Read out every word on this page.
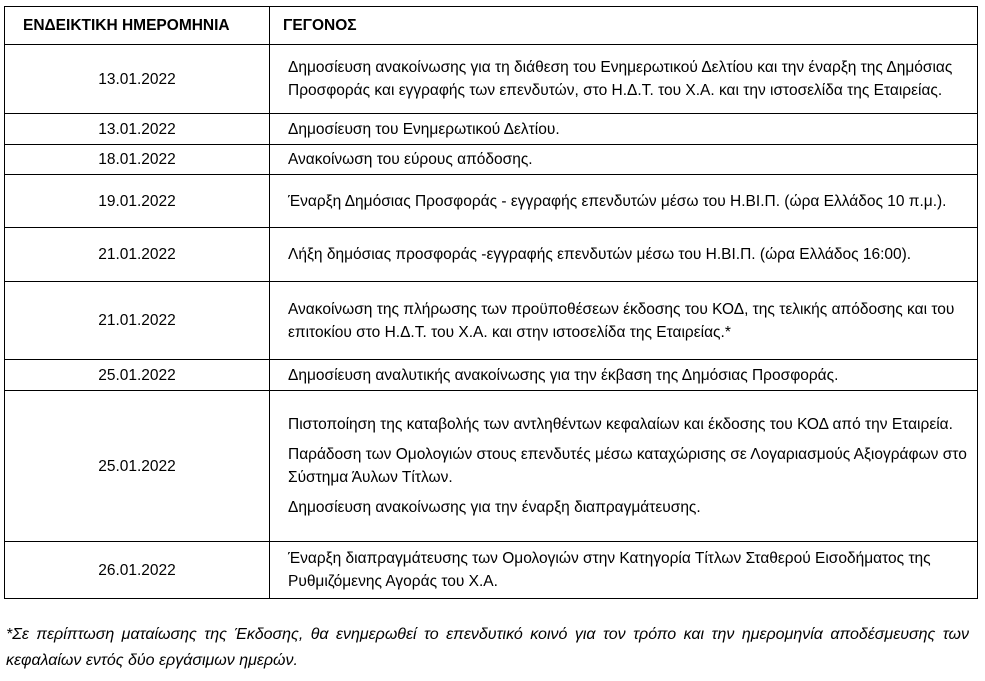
ΕΝΔΕΙΚΤΙΚΗ ΗΜΕΡΟΜΗΝΙΑ	ΓΕΓΟΝΟΣ
13.01.2022	Δημοσίευση ανακοίνωσης για τη διάθεση του Ενημερωτικού Δελτίου και την έναρξη της Δημόσιας Προσφοράς και εγγραφής των επενδυτών, στο Η.Δ.Τ. του Χ.Α. και την ιστοσελίδα της Εταιρείας.

13.01.2022	Δημοσίευση του Ενημερωτικού Δελτίου.

18.01.2022	Ανακοίνωση του εύρους απόδοσης.

19.01.2022	Έναρξη Δημόσιας Προσφοράς - εγγραφής επενδυτών μέσω του Η.ΒΙ.Π. (ώρα Ελλάδος 10 π.μ.).

21.01.2022	Λήξη δημόσιας προσφοράς -εγγραφής επενδυτών μέσω του Η.ΒΙ.Π. (ώρα Ελλάδος 16:00).

21.01.2022	Ανακοίνωση της πλήρωσης των προϋποθέσεων έκδοσης του ΚΟΔ, της τελικής απόδοσης και του επιτοκίου στο Η.Δ.Τ. του Χ.Α. και στην ιστοσελίδα της Εταιρείας.*

25.01.2022	Δημοσίευση αναλυτικής ανακοίνωσης για την έκβαση της Δημόσιας Προσφοράς.

25.01.2022	Πιστοποίηση της καταβολής των αντληθέντων κεφαλαίων και έκδοσης του ΚΟΔ από την Εταιρεία.

Παράδοση των Ομολογιών στους επενδυτές μέσω καταχώρισης σε Λογαριασμούς Αξιογράφων στο Σύστημα Άυλων Τίτλων.

Δημοσίευση ανακοίνωσης για την έναρξη διαπραγμάτευσης.

26.01.2022	Έναρξη διαπραγμάτευσης των Ομολογιών στην Κατηγορία Τίτλων Σταθερού Εισοδήματος της Ρυθμιζόμενης Αγοράς του Χ.Α.

*Σε περίπτωση ματαίωσης της Έκδοσης, θα ενημερωθεί το επενδυτικό κοινό για τον τρόπο και την ημερομηνία αποδέσμευσης των κεφαλαίων εντός δύο εργάσιμων ημερών.
